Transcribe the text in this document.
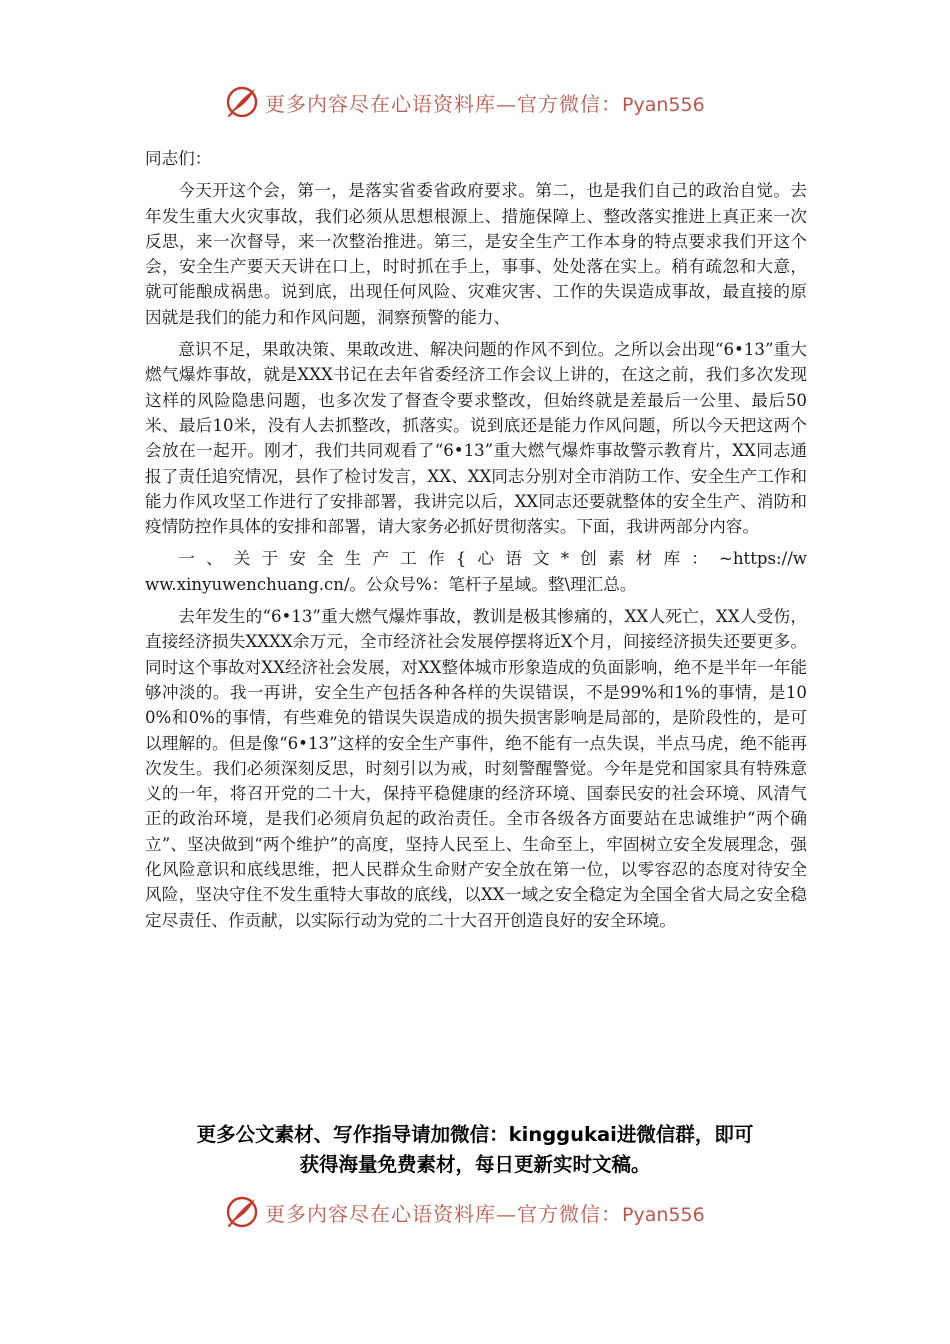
更多内容尽在心语资料库—官方微信：Pyan556

同志们：

今天开这个会，第一，是落实省委省政府要求。第二，也是我们自己的政治自觉。去年发生重大火灾事故，我们必须从思想根源上、措施保障上、整改落实推进上真正来一次反思，来一次督导，来一次整治推进。第三，是安全生产工作本身的特点要求我们开这个会，安全生产要天天讲在口上，时时抓在手上，事事、处处落在实上。稍有疏忽和大意，就可能酿成祸患。说到底，出现任何风险、灾难灾害、工作的失误造成事故，最直接的原因就是我们的能力和作风问题，洞察预警的能力、

意识不足，果敢决策、果敢改进、解决问题的作风不到位。之所以会出现“6•13”重大燃气爆炸事故，就是XXX书记在去年省委经济工作会议上讲的，在这之前，我们多次发现这样的风险隐患问题，也多次发了督查令要求整改，但始终就是差最后一公里、最后50米、最后10米，没有人去抓整改，抓落实。说到底还是能力作风问题，所以今天把这两个会放在一起开。刚才，我们共同观看了“6•13”重大燃气爆炸事故警示教育片，XX同志通报了责任追究情况，县作了检讨发言，XX、XX同志分别对全市消防工作、安全生产工作和能力作风攻坚工作进行了安排部署，我讲完以后，XX同志还要就整体的安全生产、消防和疫情防控作具体的安排和部署，请大家务必抓好贯彻落实。下面，我讲两部分内容。

一、关于安全生产工作{心语文*创素材库：~https://www.xinyuwenchuang.cn/。公众号%：笔杆子星域。整\理汇总。

去年发生的“6•13”重大燃气爆炸事故，教训是极其惨痛的，XX人死亡，XX人受伤，直接经济损失XXXX余万元，全市经济社会发展停摆将近X个月，间接经济损失还要更多。同时这个事故对XX经济社会发展，对XX整体城市形象造成的负面影响，绝不是半年一年能够冲淡的。我一再讲，安全生产包括各种各样的失误错误，不是99%和1%的事情，是100%和0%的事情，有些难免的错误失误造成的损失损害影响是局部的，是阶段性的，是可以理解的。但是像“6•13”这样的安全生产事件，绝不能有一点失误，半点马虎，绝不能再次发生。我们必须深刻反思，时刻引以为戒，时刻警醒警觉。今年是党和国家具有特殊意义的一年，将召开党的二十大，保持平稳健康的经济环境、国泰民安的社会环境、风清气正的政治环境，是我们必须肩负起的政治责任。全市各级各方面要站在忠诚维护“两个确立”、坚决做到“两个维护”的高度，坚持人民至上、生命至上，牢固树立安全发展理念，强化风险意识和底线思维，把人民群众生命财产安全放在第一位，以零容忍的态度对待安全风险，坚决守住不发生重特大事故的底线，以XX一域之安全稳定为全国全省大局之安全稳定尽责任、作贡献，以实际行动为党的二十大召开创造良好的安全环境。

更多公文素材、写作指导请加微信：kinggukai进微信群，即可
获得海量免费素材，每日更新实时文稿。
更多内容尽在心语资料库—官方微信：Pyan556
